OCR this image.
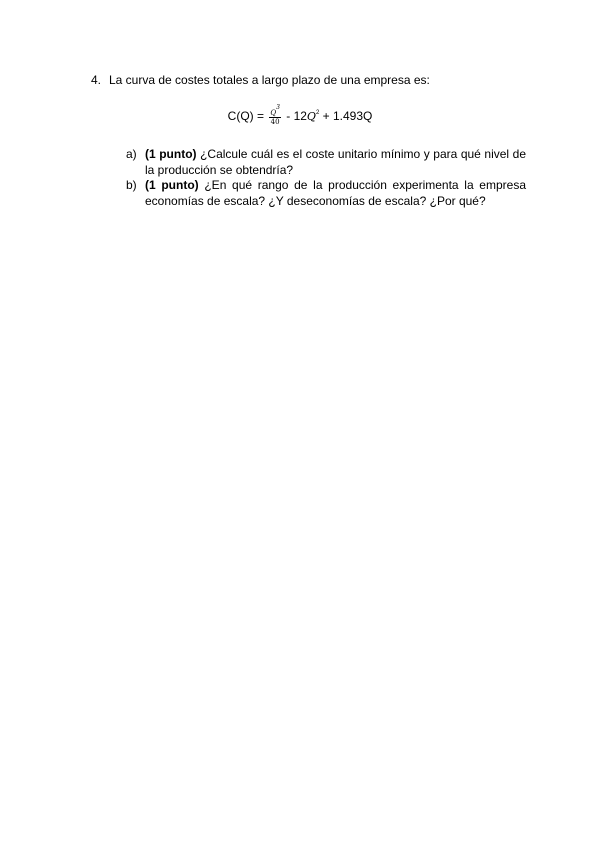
4. La curva de costes totales a largo plazo de una empresa es:
$C(Q) = \frac{Q^3}{40} - 12Q^2 + 1.493Q$
a) (1 punto) ¿Calcule cuál es el coste unitario mínimo y para qué nivel de la producción se obtendría?
b) (1 punto) ¿En qué rango de la producción experimenta la empresa economías de escala? ¿Y deseconomías de escala? ¿Por qué?
